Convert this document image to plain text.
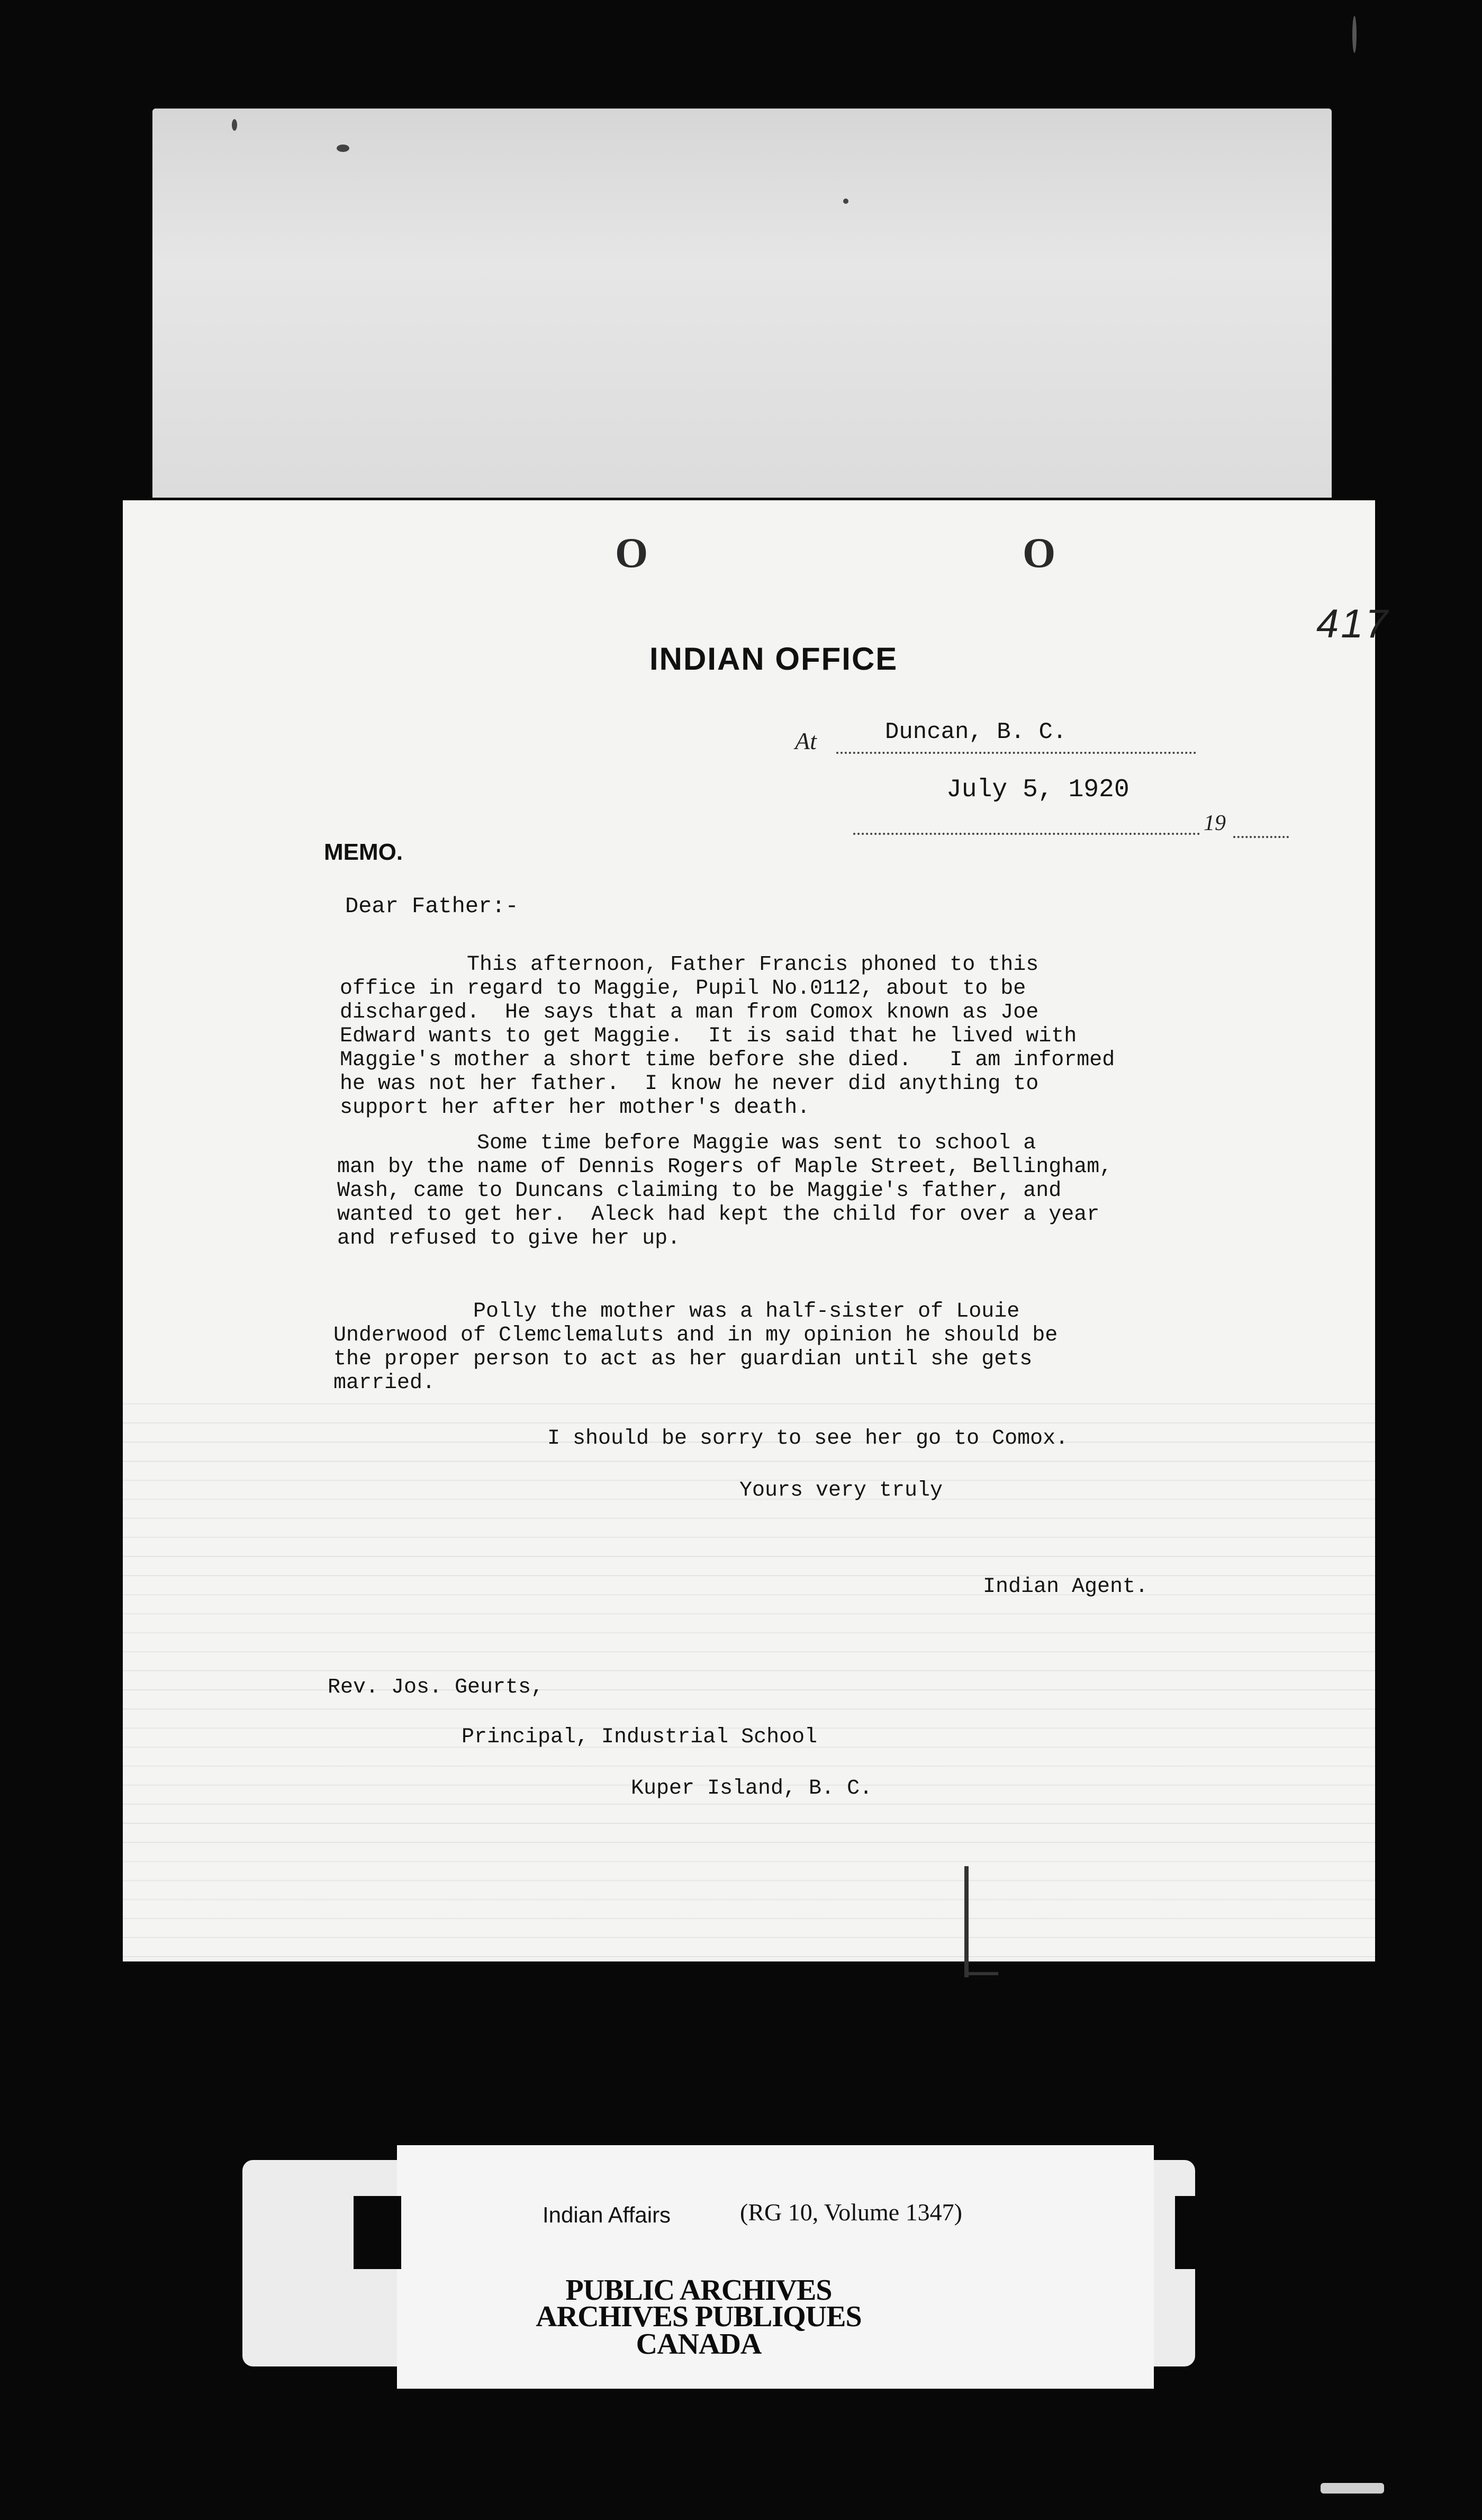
O	O
417
INDIAN OFFICE
At	Duncan, B. C.
July 5, 1920
19
MEMO.
Dear Father:-
This afternoon, Father Francis phoned to this
office in regard to Maggie, Pupil No.0112, about to be
discharged.  He says that a man from Comox known as Joe
Edward wants to get Maggie.  It is said that he lived with
Maggie's mother a short time before she died.   I am informed
he was not her father.  I know he never did anything to
support her after her mother's death.
Some time before Maggie was sent to school a
man by the name of Dennis Rogers of Maple Street, Bellingham,
Wash, came to Duncans claiming to be Maggie's father, and
wanted to get her.  Aleck had kept the child for over a year
and refused to give her up.
Polly the mother was a half-sister of Louie
Underwood of Clemclemaluts and in my opinion he should be
the proper person to act as her guardian until she gets
married.
I should be sorry to see her go to Comox.
Yours very truly
Indian Agent.
Rev. Jos. Geurts,
Principal, Industrial School
Kuper Island, B. C.
Indian Affairs	(RG 10, Volume 1347)
PUBLIC ARCHIVES
ARCHIVES PUBLIQUES
CANADA
